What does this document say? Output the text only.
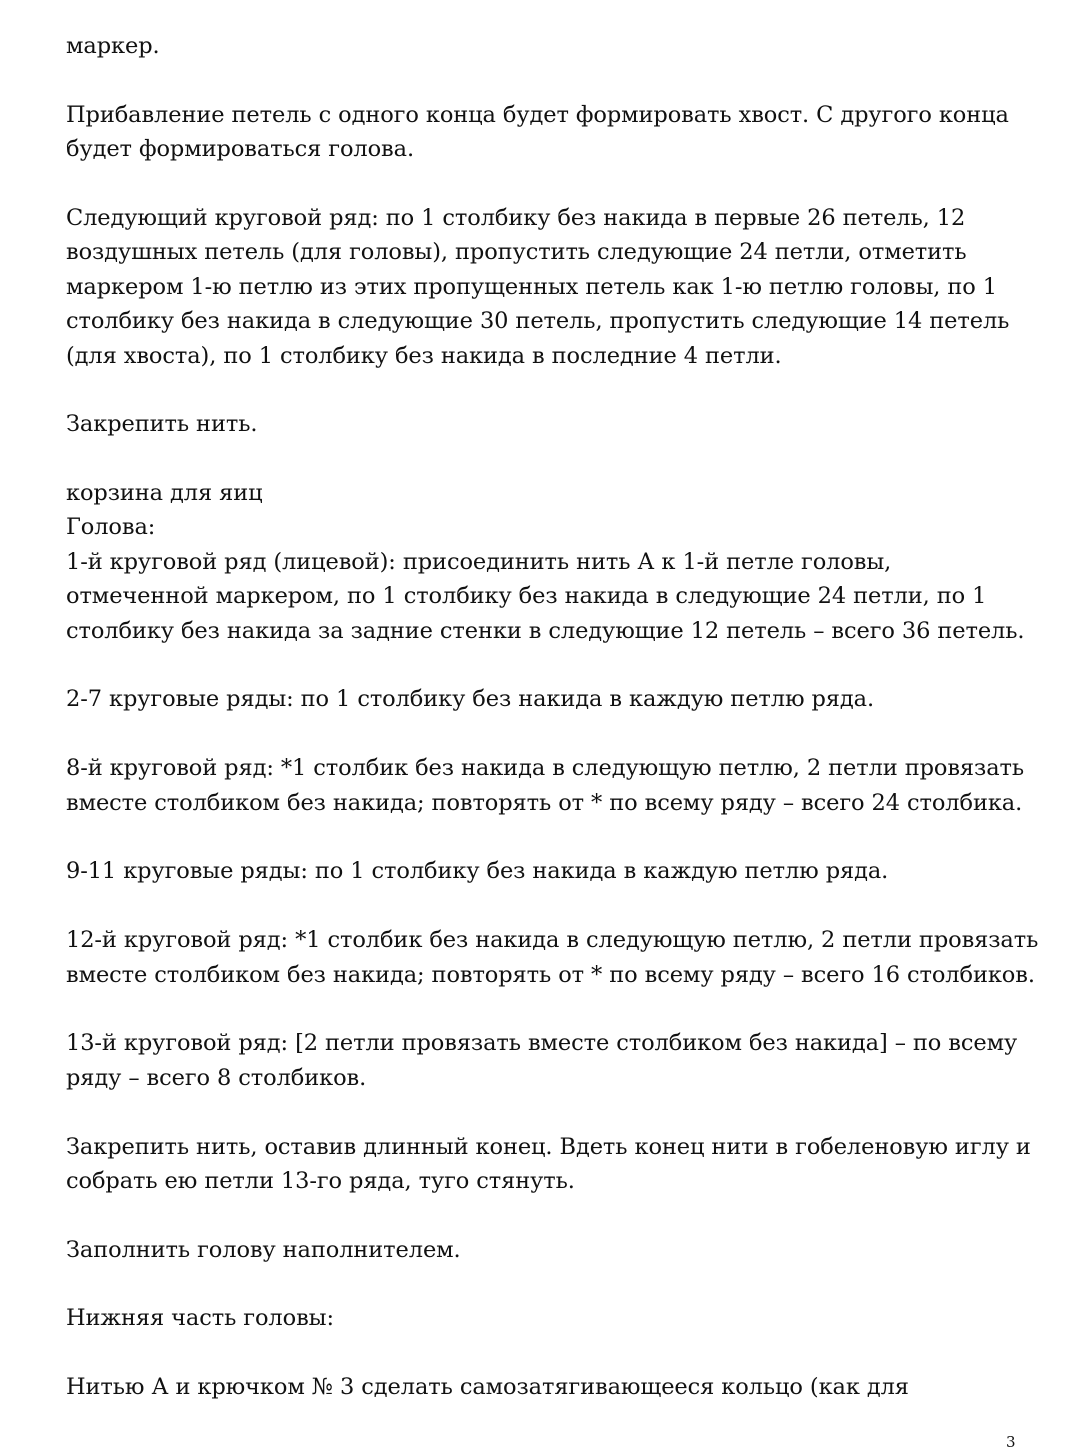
маркер.
Прибавление петель с одного конца будет формировать хвост. С другого конца
будет формироваться голова.
Следующий круговой ряд: по 1 столбику без накида в первые 26 петель, 12
воздушных петель (для головы), пропустить следующие 24 петли, отметить
маркером 1-ю петлю из этих пропущенных петель как 1-ю петлю головы, по 1
столбику без накида в следующие 30 петель, пропустить следующие 14 петель
(для хвоста), по 1 столбику без накида в последние 4 петли.
Закрепить нить.
корзина для яиц
Голова:
1-й круговой ряд (лицевой): присоединить нить А к 1-й петле головы,
отмеченной маркером, по 1 столбику без накида в следующие 24 петли, по 1
столбику без накида за задние стенки в следующие 12 петель – всего 36 петель.
2-7 круговые ряды: по 1 столбику без накида в каждую петлю ряда.
8-й круговой ряд: *1 столбик без накида в следующую петлю, 2 петли провязать
вместе столбиком без накида; повторять от * по всему ряду – всего 24 столбика.
9-11 круговые ряды: по 1 столбику без накида в каждую петлю ряда.
12-й круговой ряд: *1 столбик без накида в следующую петлю, 2 петли провязать
вместе столбиком без накида; повторять от * по всему ряду – всего 16 столбиков.
13-й круговой ряд: [2 петли провязать вместе столбиком без накида] – по всему
ряду – всего 8 столбиков.
Закрепить нить, оставив длинный конец. Вдеть конец нити в гобеленовую иглу и
собрать ею петли 13-го ряда, туго стянуть.
Заполнить голову наполнителем.
Нижняя часть головы:
Нитью А и крючком № 3 сделать самозатягивающееся кольцо (как для
3
